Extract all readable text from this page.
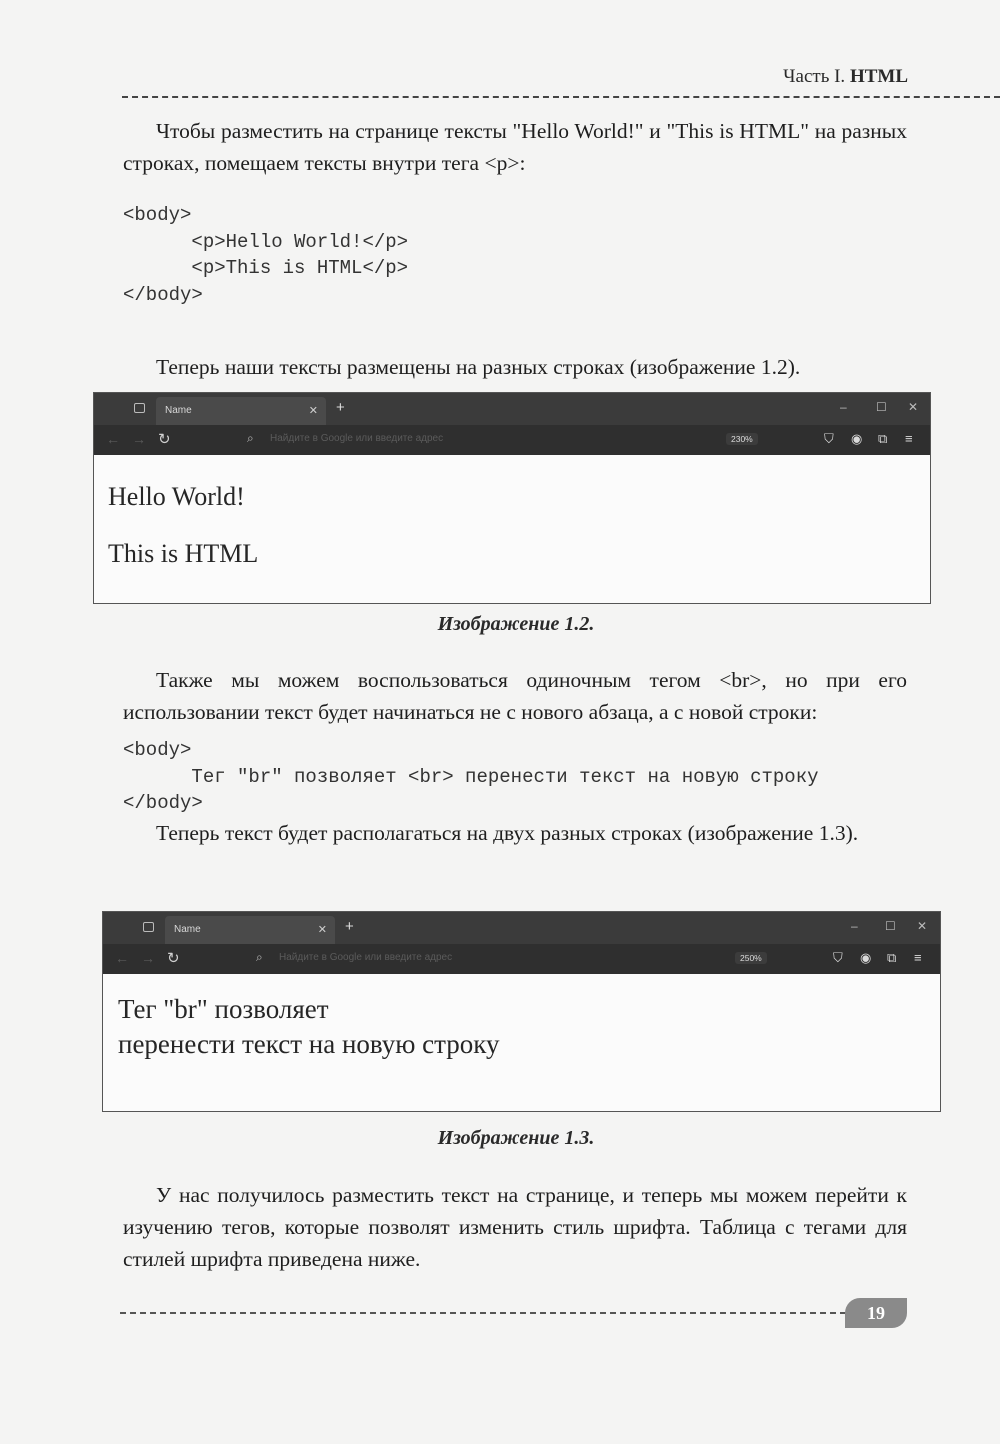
Часть I. HTML
Чтобы разместить на странице тексты "Hello World!" и "This is HTML" на разных строках, помещаем тексты внутри тега <p>:
<body>
<p>Hello World!</p>
<p>This is HTML</p>
</body>
Теперь наши тексты размещены на разных строках (изображение 1.2).
Name	✕ +	– ☐ ✕
← → ↻	⌕ Найдите в Google или введите адрес	230%	⛉ ◉ ⧉ ≡
Hello World!
This is HTML
Изображение 1.2.
Также мы можем воспользоваться одиночным тегом <br>, но при его использовании текст будет начинаться не с нового абзаца, а с новой строки:
<body>
Тег "br" позволяет <br> перенести текст на новую строку
</body>
Теперь текст будет располагаться на двух разных строках (изображение 1.3).
Name	✕ +	– ☐ ✕
← → ↻	⌕ Найдите в Google или введите адрес	250%	⛉ ◉ ⧉ ≡
Тег "br" позволяет
перенести текст на новую строку
Изображение 1.3.
У нас получилось разместить текст на странице, и теперь мы можем перейти к изучению тегов, которые позволят изменить стиль шрифта. Таблица с тегами для стилей шрифта приведена ниже.
19
